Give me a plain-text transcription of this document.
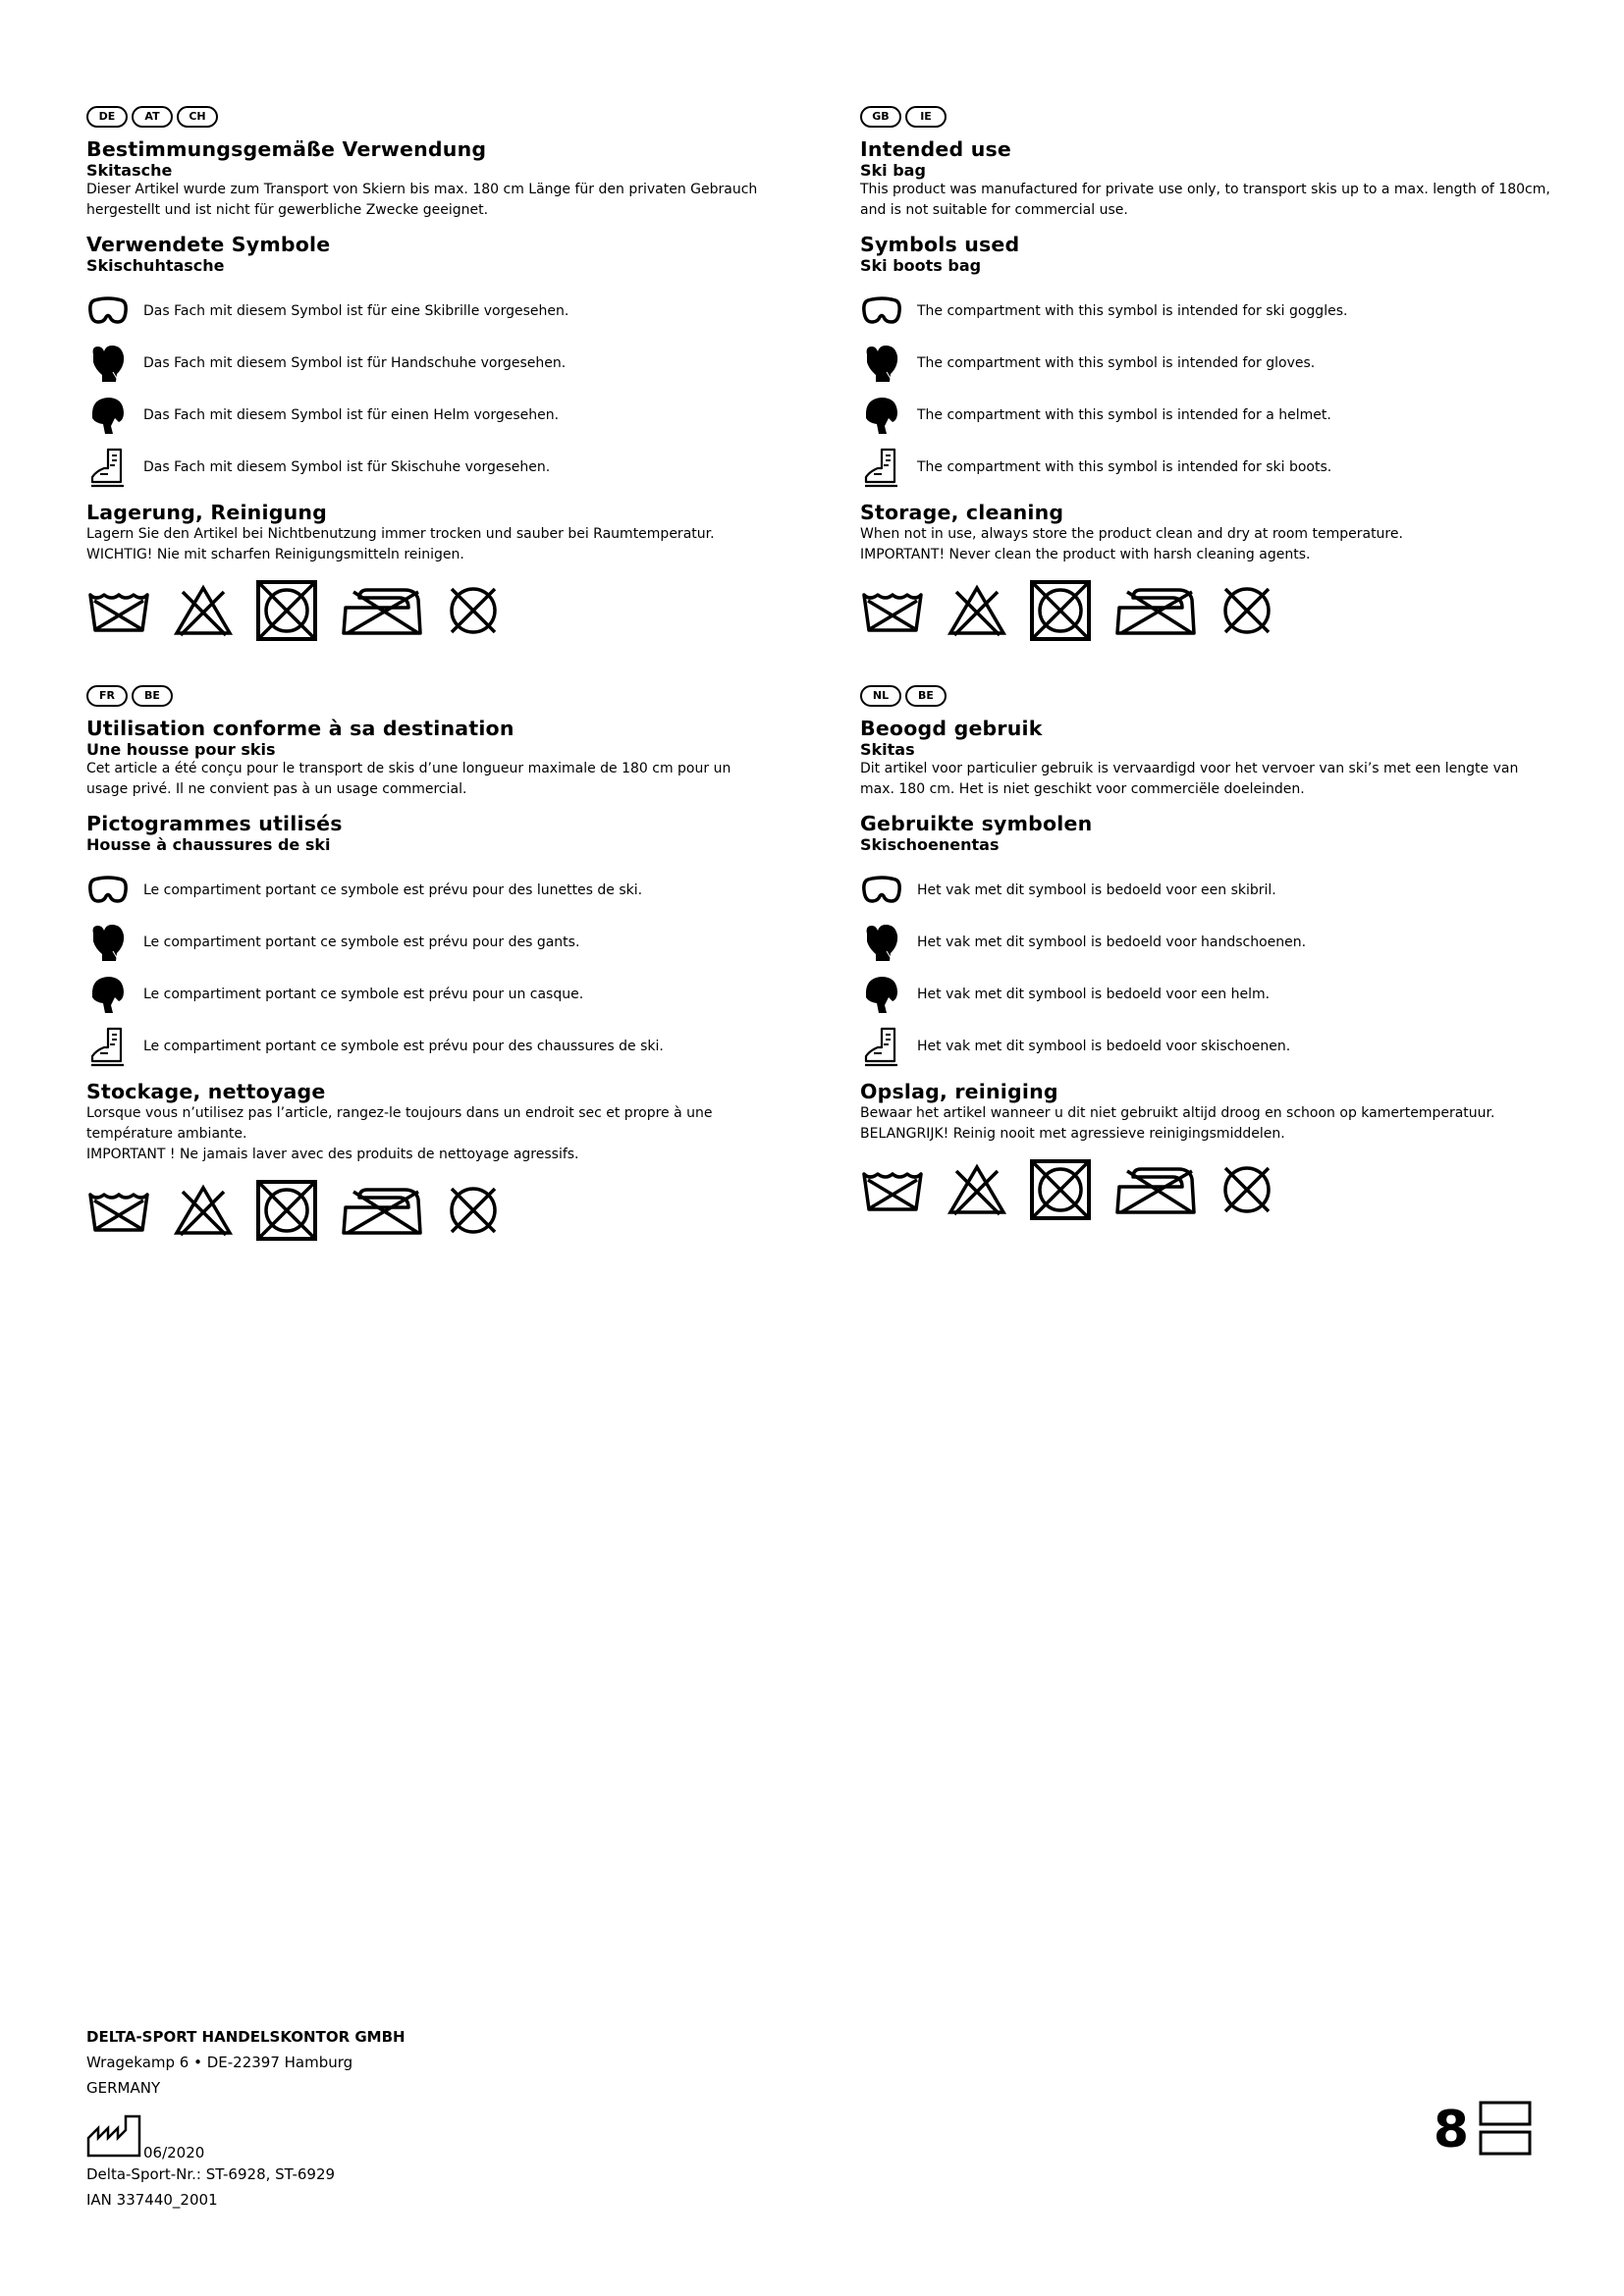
DE	AT	CH

Bestimmungsgemäße Verwendung

Skitasche

Dieser Artikel wurde zum Transport von Skiern bis max. 180 cm Länge für den privaten Gebrauch

hergestellt und ist nicht für gewerbliche Zwecke geeignet.

Verwendete Symbole

Skischuhtasche

Das Fach mit diesem Symbol ist für eine Skibrille vorgesehen.
Das Fach mit diesem Symbol ist für Handschuhe vorgesehen.
Das Fach mit diesem Symbol ist für einen Helm vorgesehen.
Das Fach mit diesem Symbol ist für Skischuhe vorgesehen.

Lagerung, Reinigung

Lagern Sie den Artikel bei Nichtbenutzung immer trocken und sauber bei Raumtemperatur.

WICHTIG! Nie mit scharfen Reinigungsmitteln reinigen.

GB	IE

Intended use

Ski bag

This product was manufactured for private use only, to transport skis up to a max. length of 180cm,

and is not suitable for commercial use.

Symbols used

Ski boots bag

The compartment with this symbol is intended for ski goggles.
The compartment with this symbol is intended for gloves.
The compartment with this symbol is intended for a helmet.
The compartment with this symbol is intended for ski boots.

Storage, cleaning

When not in use, always store the product clean and dry at room temperature.

IMPORTANT! Never clean the product with harsh cleaning agents.

FR	BE

Utilisation conforme à sa destination

Une housse pour skis

Cet article a été conçu pour le transport de skis d’une longueur maximale de 180 cm pour un

usage privé. Il ne convient pas à un usage commercial.

Pictogrammes utilisés

Housse à chaussures de ski

Le compartiment portant ce symbole est prévu pour des lunettes de ski.
Le compartiment portant ce symbole est prévu pour des gants.
Le compartiment portant ce symbole est prévu pour un casque.
Le compartiment portant ce symbole est prévu pour des chaussures de ski.

Stockage, nettoyage

Lorsque vous n’utilisez pas l’article, rangez-le toujours dans un endroit sec et propre à une

température ambiante.

IMPORTANT ! Ne jamais laver avec des produits de nettoyage agressifs.

NL	BE

Beoogd gebruik

Skitas

Dit artikel voor particulier gebruik is vervaardigd voor het vervoer van ski’s met een lengte van

max. 180 cm. Het is niet geschikt voor commerciële doeleinden.

Gebruikte symbolen

Skischoenentas

Het vak met dit symbool is bedoeld voor een skibril.
Het vak met dit symbool is bedoeld voor handschoenen.
Het vak met dit symbool is bedoeld voor een helm.
Het vak met dit symbool is bedoeld voor skischoenen.

Opslag, reiniging

Bewaar het artikel wanneer u dit niet gebruikt altijd droog en schoon op kamertemperatuur.

BELANGRIJK! Reinig nooit met agressieve reinigingsmiddelen.

DELTA-SPORT HANDELSKONTOR GMBH

Wragekamp 6 • DE-22397 Hamburg

GERMANY

06/2020

Delta-Sport-Nr.: ST-6928, ST-6929

IAN 337440_2001

8
